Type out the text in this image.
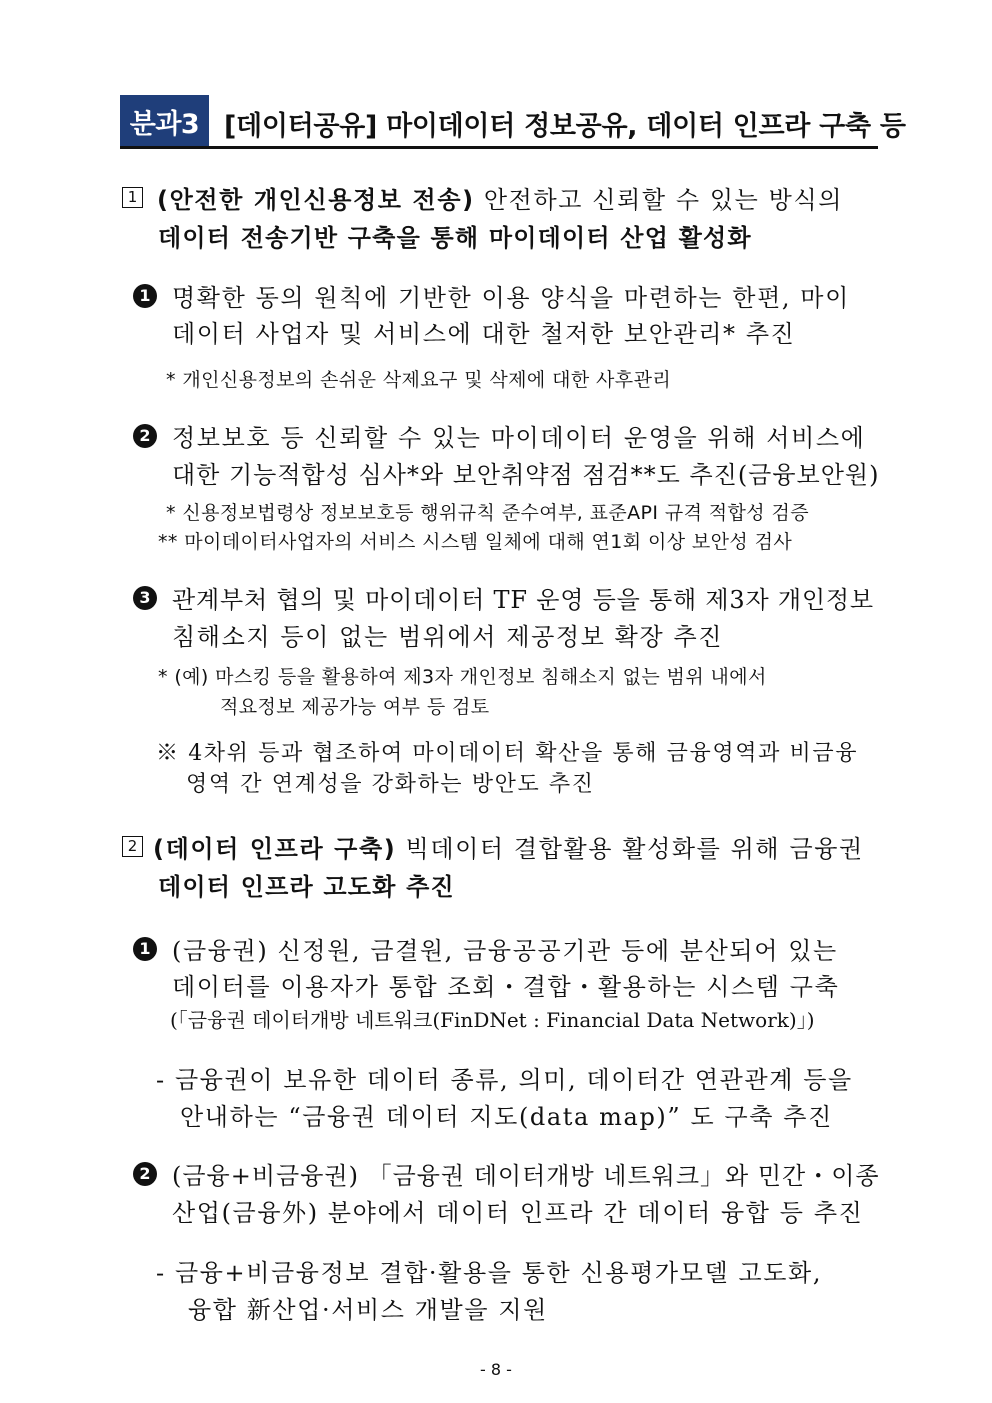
분과3 [데이터공유] 마이데이터 정보공유, 데이터 인프라 구축 등
1 (안전한 개인신용정보 전송) 안전하고 신뢰할 수 있는 방식의
데이터 전송기반 구축을 통해 마이데이터 산업 활성화
1 명확한 동의 원칙에 기반한 이용 양식을 마련하는 한편, 마이
데이터 사업자 및 서비스에 대한 철저한 보안관리* 추진
* 개인신용정보의 손쉬운 삭제요구 및 삭제에 대한 사후관리
2 정보보호 등 신뢰할 수 있는 마이데이터 운영을 위해 서비스에
대한 기능적합성 심사*와 보안취약점 점검**도 추진(금융보안원)
* 신용정보법령상 정보보호등 행위규칙 준수여부, 표준API 규격 적합성 검증
** 마이데이터사업자의 서비스 시스템 일체에 대해 연1회 이상 보안성 검사
3 관계부처 협의 및 마이데이터 TF 운영 등을 통해 제3자 개인정보
침해소지 등이 없는 범위에서 제공정보 확장 추진
* (예) 마스킹 등을 활용하여 제3자 개인정보 침해소지 없는 범위 내에서
적요정보 제공가능 여부 등 검토
※ 4차위 등과 협조하여 마이데이터 확산을 통해 금융영역과 비금융
영역 간 연계성을 강화하는 방안도 추진
2 (데이터 인프라 구축) 빅데이터 결합활용 활성화를 위해 금융권
데이터 인프라 고도화 추진
1 (금융권) 신정원, 금결원, 금융공공기관 등에 분산되어 있는
데이터를 이용자가 통합 조회・결합・활용하는 시스템 구축
(「금융권 데이터개방 네트워크(FinDNet : Financial Data Network)」)
- 금융권이 보유한 데이터 종류, 의미, 데이터간 연관관계 등을
안내하는 “금융권 데이터 지도(data map)” 도 구축 추진
2 (금융+비금융권) 「금융권 데이터개방 네트워크」와 민간・이종
산업(금융外) 분야에서 데이터 인프라 간 데이터 융합 등 추진
- 금융+비금융정보 결합·활용을 통한 신용평가모델 고도화,
융합 新산업·서비스 개발을 지원
- 8 -
